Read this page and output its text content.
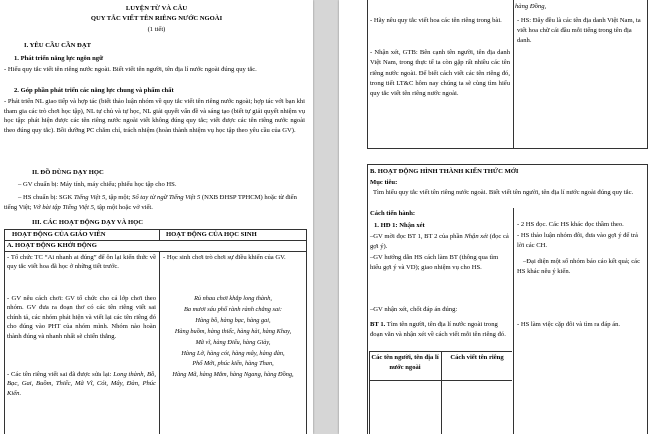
LUYỆN TỪ VÀ CÂU
QUY TẮC VIẾT TÊN RIÊNG NƯỚC NGOÀI
(1 tiết)
I. YÊU CẦU CẦN ĐẠT
1. Phát triển năng lực ngôn ngữ
- Hiểu quy tắc viết tên riêng nước ngoài. Biết viết tên người, tên địa lí nước ngoài đúng quy tắc.
2. Góp phần phát triển các năng lực chung và phẩm chất
- Phát triển NL giao tiếp và hợp tác (biết thảo luận nhóm về quy tắc viết tên riêng nước ngoài; hợp tác với bạn khi tham gia các trò chơi học tập), NL tự chủ và tự học, NL giải quyết vấn đề và sáng tạo (biết tự giải quyết nhiệm vụ học tập: phát hiện được các tên riêng nước ngoài viết không đúng quy tắc; viết được các tên riêng nước ngoài theo đúng quy tắc). Bồi dưỡng PC chăm chỉ, trách nhiệm (hoàn thành nhiệm vụ học tập theo yêu cầu của GV).
II. ĐỒ DÙNG DẠY HỌC
– GV chuẩn bị: Máy tính, máy chiếu; phiếu học tập cho HS.
– HS chuẩn bị: SGK Tiếng Việt 5, tập một; Sổ tay từ ngữ Tiếng Việt 5 (NXB ĐHSP TPHCM) hoặc từ điển tiếng Việt; Vở bài tập Tiếng Việt 5, tập một hoặc vở viết.
III. CÁC HOẠT ĐỘNG DẠY VÀ HỌC
HOẠT ĐỘNG CỦA GIÁO VIÊN	HOẠT ĐỘNG CỦA HỌC SINH
A. HOẠT ĐỘNG KHỞI ĐỘNG
- Tổ chức TC “Ai nhanh ai đúng” để ôn lại kiến thức về quy tắc viết hoa đã học ở những tiết trước.
- GV nêu cách chơi: GV tổ chức cho cả lớp chơi theo nhóm. GV đưa ra đoạn thơ có các tên riêng viết sai chính tả, các nhóm phát hiện và viết lại các tên riêng đó cho đúng vào PHT của nhóm mình. Nhóm nào hoàn thành đúng và nhanh nhất sẽ chiến thắng.
- Các tên riêng viết sai đã được sửa lại: Long thành, Bồ, Bạc, Gai, Buồm, Thiếc, Mã Vĩ, Cót, Mây, Đàn, Phúc Kiến.
- Học sinh chơi trò chơi sự điều khiển của GV.
Rủ nhau chơi khắp long thành,
Ba mươi sáu phố rành rành chẳng sai:
Hàng bồ, hàng bạc, hàng gai,
Hàng buồm, hàng thiếc, hàng hài, hàng Khay,
Mã vĩ, hàng Điếu, hàng Giày,
Hàng Lờ, hàng cót, hàng mây, hàng đàn,
Phố Mới, phúc kiến, hàng Than,
Hàng Mã, hàng Mắm, hàng Ngang, hàng Đồng,
hàng Đồng,
- Hãy nêu quy tắc viết hoa các tên riêng trong bài.
- Nhận xét, GTB: Bên cạnh tên người, tên địa danh Việt Nam, trong thực tế ta còn gặp rất nhiều các tên riêng nước ngoài. Để biết cách viết các tên riêng đó, trong tiết LT&C hôm nay chúng ta sẽ cùng tìm hiểu quy tắc viết tên riêng nước ngoài.
- HS: Đây đều là các tên địa danh Việt Nam, ta viết hoa chữ cái đầu mỗi tiếng trong tên địa danh.
B. HOẠT ĐỘNG HÌNH THÀNH KIẾN THỨC MỚI
Mục tiêu:
Tìm hiểu quy tắc viết tên riêng nước ngoài. Biết viết tên người, tên địa lí nước ngoài đúng quy tắc.
Cách tiến hành:
1. HĐ 1: Nhận xét
–GV mời đọc BT 1, BT 2 của phần Nhận xét (đọc cả gợi ý).
–GV hướng dẫn HS cách làm BT (thông qua tìm hiểu gợi ý và VD); giao nhiệm vụ cho HS.
–GV nhận xét, chốt đáp án đúng:
- 2 HS đọc. Các HS khác đọc thầm theo.
- HS thảo luận nhóm đôi, đưa vào gợi ý để trả lời các CH.
–Đại diện một số nhóm báo cáo kết quả; các HS khác nêu ý kiến.
BT 1. Tìm tên người, tên địa lí nước ngoài trong đoạn văn và nhận xét về cách viết mỗi tên riêng đó.
- HS làm việc cặp đôi và tìm ra đáp án.
Các tên người, tên địa lí nước ngoài
Cách viết tên riêng
